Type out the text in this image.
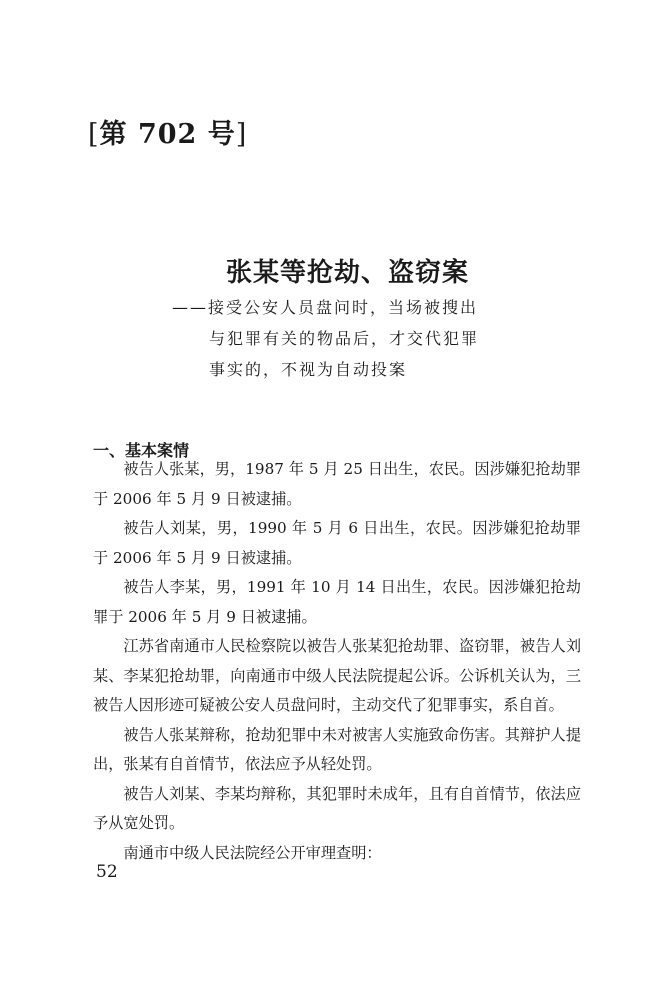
[第 702 号]
张某等抢劫、盗窃案
——接受公安人员盘问时，当场被搜出
与犯罪有关的物品后，才交代犯罪
事实的，不视为自动投案
一、基本案情

被告人张某，男，1987 年 5 月 25 日出生，农民。因涉嫌犯抢劫罪于 2006 年 5 月 9 日被逮捕。

被告人刘某，男，1990 年 5 月 6 日出生，农民。因涉嫌犯抢劫罪于 2006 年 5 月 9 日被逮捕。

被告人李某，男，1991 年 10 月 14 日出生，农民。因涉嫌犯抢劫罪于 2006 年 5 月 9 日被逮捕。

江苏省南通市人民检察院以被告人张某犯抢劫罪、盗窃罪，被告人刘某、李某犯抢劫罪，向南通市中级人民法院提起公诉。公诉机关认为，三被告人因形迹可疑被公安人员盘问时，主动交代了犯罪事实，系自首。

被告人张某辩称，抢劫犯罪中未对被害人实施致命伤害。其辩护人提出，张某有自首情节，依法应予从轻处罚。

被告人刘某、李某均辩称，其犯罪时未成年，且有自首情节，依法应予从宽处罚。

南通市中级人民法院经公开审理查明：

52
